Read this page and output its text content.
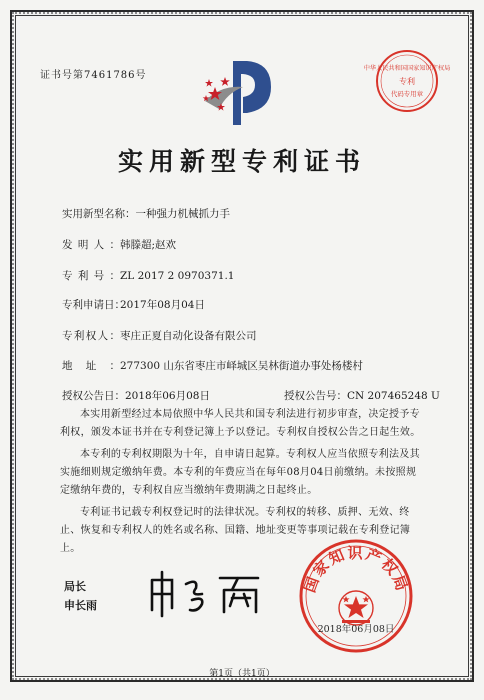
证书号第7461786号
中华人民共和国国家知识产权局
专利
代码专用章
实用新型专利证书
实用新型名称：一种强力机械抓力手
发明人：韩滕超;赵欢
专利号：ZL 2017 2 0970371.1
专利申请日：2017年08月04日
专利权人：枣庄正夏自动化设备有限公司
地址：277300 山东省枣庄市峄城区吴林街道办事处杨楼村
授权公告日：2018年06月08日	授权公告号：CN 207465248 U

本实用新型经过本局依照中华人民共和国专利法进行初步审查，决定授予专利权，颁发本证书并在专利登记簿上予以登记。专利权自授权公告之日起生效。

本专利的专利权期限为十年，自申请日起算。专利权人应当依照专利法及其实施细则规定缴纳年费。本专利的年费应当在每年08月04日前缴纳。未按照规定缴纳年费的，专利权自应当缴纳年费期满之日起终止。

专利证书记载专利权登记时的法律状况。专利权的转移、质押、无效、终止、恢复和专利权人的姓名或名称、国籍、地址变更等事项记载在专利登记簿上。

局长
申长雨
国家知识产权局
2018年06月08日
第1页（共1页）
